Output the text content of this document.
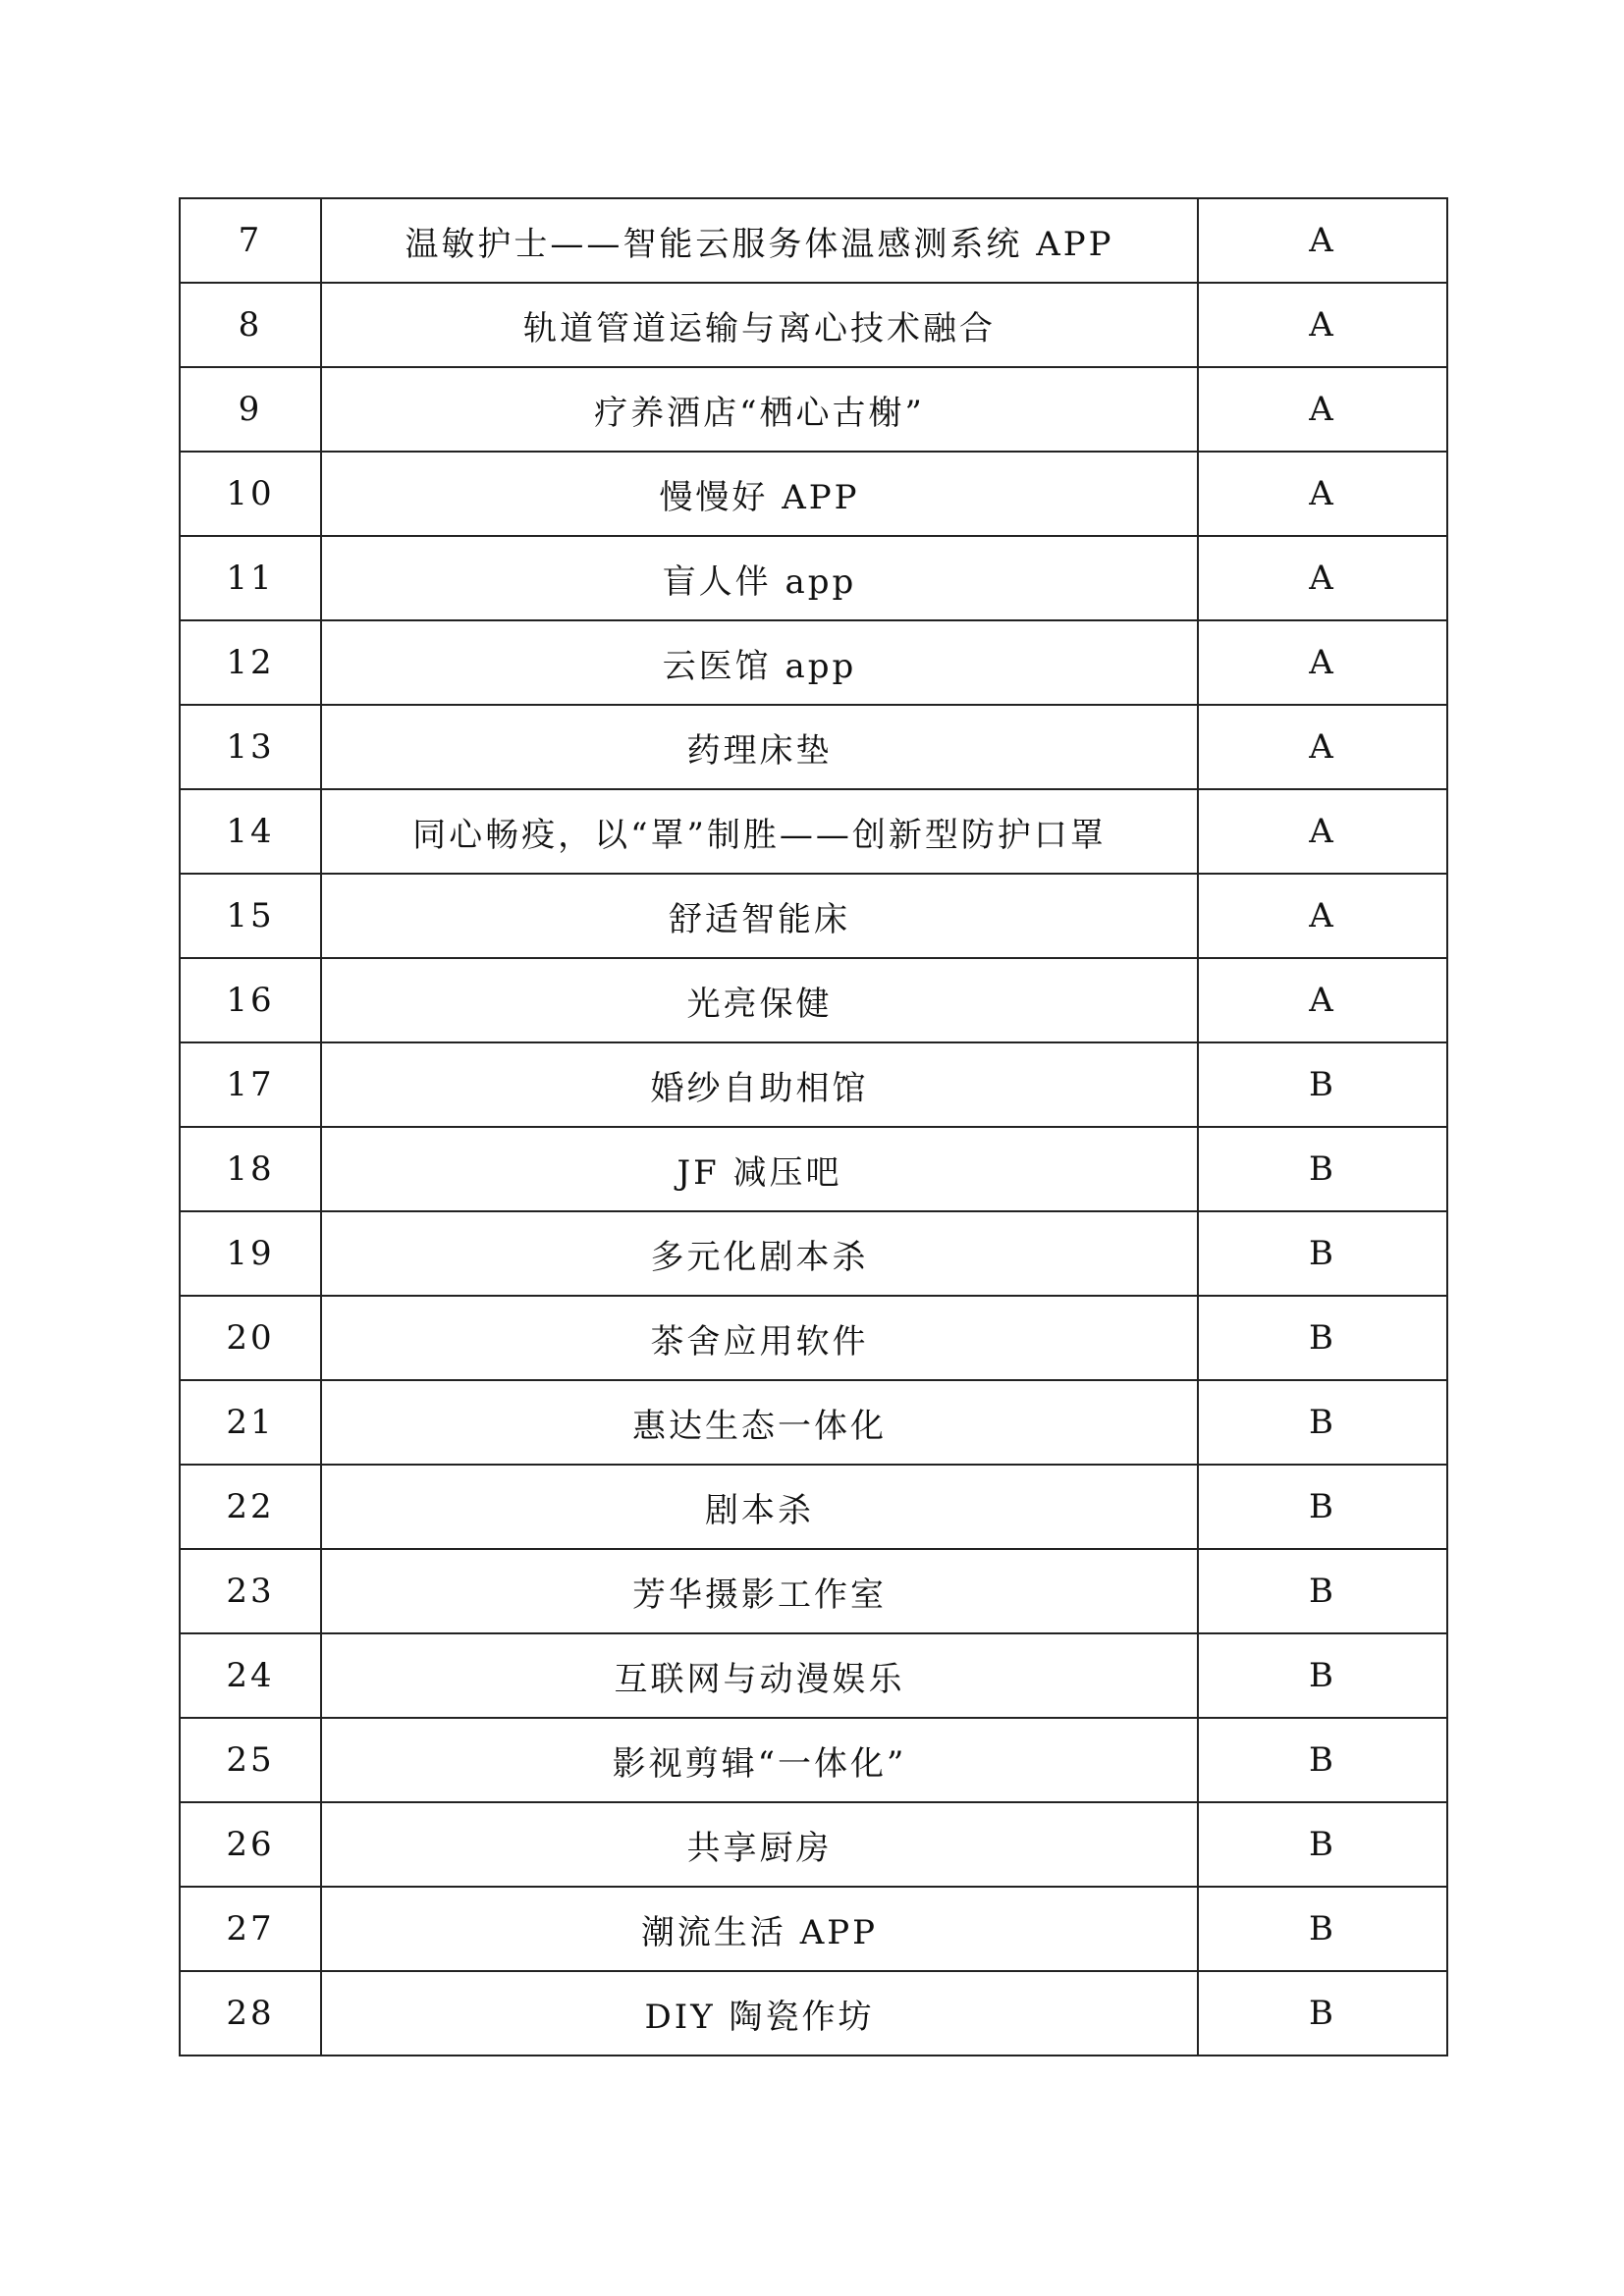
7	温敏护士——智能云服务体温感测系统 APP	A
8	轨道管道运输与离心技术融合	A
9	疗养酒店“栖心古榭”	A
10	慢慢好 APP	A
11	盲人伴 app	A
12	云医馆 app	A
13	药理床垫	A
14	同心畅疫，以“罩”制胜——创新型防护口罩	A
15	舒适智能床	A
16	光亮保健	A
17	婚纱自助相馆	B
18	JF 减压吧	B
19	多元化剧本杀	B
20	茶舍应用软件	B
21	惠达生态一体化	B
22	剧本杀	B
23	芳华摄影工作室	B
24	互联网与动漫娱乐	B
25	影视剪辑“一体化”	B
26	共享厨房	B
27	潮流生活 APP	B
28	DIY 陶瓷作坊	B
